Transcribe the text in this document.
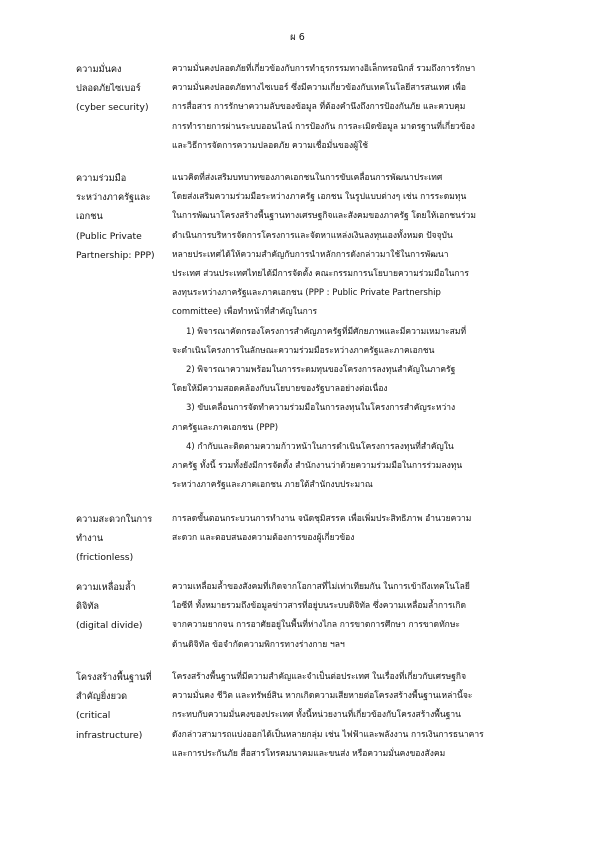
ผ 6
ความมั่นคง
ปลอดภัยไซเบอร์
(cyber security)
ความมั่นคงปลอดภัยที่เกี่ยวข้องกับการทำธุรกรรมทางอิเล็กทรอนิกส์ รวมถึงการรักษา
ความมั่นคงปลอดภัยทางไซเบอร์ ซึ่งมีความเกี่ยวข้องกับเทคโนโลยีสารสนเทศ เพื่อ
การสื่อสาร การรักษาความลับของข้อมูล ที่ต้องคำนึงถึงการป้องกันภัย และควบคุม
การทำรายการผ่านระบบออนไลน์ การป้องกัน การละเมิดข้อมูล มาตรฐานที่เกี่ยวข้อง
และวิธีการจัดการความปลอดภัย ความเชื่อมั่นของผู้ใช้
ความร่วมมือ
ระหว่างภาครัฐและ
เอกชน
(Public Private
Partnership: PPP)
แนวคิดที่ส่งเสริมบทบาทของภาคเอกชนในการขับเคลื่อนการพัฒนาประเทศ
โดยส่งเสริมความร่วมมือระหว่างภาครัฐ เอกชน ในรูปแบบต่างๆ เช่น การระดมทุน
ในการพัฒนาโครงสร้างพื้นฐานทางเศรษฐกิจและสังคมของภาครัฐ โดยให้เอกชนร่วม
ดำเนินการบริหารจัดการโครงการและจัดหาแหล่งเงินลงทุนเองทั้งหมด ปัจจุบัน
หลายประเทศได้ให้ความสำคัญกับการนำหลักการดังกล่าวมาใช้ในการพัฒนา
ประเทศ ส่วนประเทศไทยได้มีการจัดตั้ง คณะกรรมการนโยบายความร่วมมือในการ
ลงทุนระหว่างภาครัฐและภาคเอกชน (PPP : Public Private Partnership
committee) เพื่อทำหน้าที่สำคัญในการ
1) พิจารณาคัดกรองโครงการสำคัญภาครัฐที่มีศักยภาพและมีความเหมาะสมที่
จะดำเนินโครงการในลักษณะความร่วมมือระหว่างภาครัฐและภาคเอกชน
2) พิจารณาความพร้อมในการระดมทุนของโครงการลงทุนสำคัญในภาครัฐ
โดยให้มีความสอดคล้องกับนโยบายของรัฐบาลอย่างต่อเนื่อง
3) ขับเคลื่อนการจัดทำความร่วมมือในการลงทุนในโครงการสำคัญระหว่าง
ภาครัฐและภาคเอกชน (PPP)
4) กำกับและติดตามความก้าวหน้าในการดำเนินโครงการลงทุนที่สำคัญใน
ภาครัฐ ทั้งนี้ รวมทั้งยังมีการจัดตั้ง สำนักงานว่าด้วยความร่วมมือในการร่วมลงทุน
ระหว่างภาครัฐและภาคเอกชน ภายใต้สำนักงบประมาณ
ความสะดวกในการ
ทำงาน
(frictionless)
การลดขั้นตอนกระบวนการทำงาน จนัดชุมิสรรค เพื่อเพิ่มประสิทธิภาพ อำนวยความ
สะดวก และตอบสนองความต้องการของผู้เกี่ยวข้อง
ความเหลื่อมล้ำ
ดิจิทัล
(digital divide)
ความเหลื่อมล้ำของสังคมที่เกิดจากโอกาสที่ไม่เท่าเทียมกัน ในการเข้าถึงเทคโนโลยี
ไอซีที ทั้งหมายรวมถึงข้อมูลข่าวสารที่อยู่บนระบบดิจิทัล ซึ่งความเหลื่อมล้ำการเกิด
จากความยากจน การอาศัยอยู่ในพื้นที่ห่างไกล การขาดการศึกษา การขาดทักษะ
ด้านดิจิทัล ข้อจำกัดความพิการทางร่างกาย ฯลฯ
โครงสร้างพื้นฐานที่
สำคัญยิ่งยวด
(critical
infrastructure)
โครงสร้างพื้นฐานที่มีความสำคัญและจำเป็นต่อประเทศ ในเรื่องที่เกี่ยวกับเศรษฐกิจ
ความมั่นคง ชีวิต และทรัพย์สิน หากเกิดความเสียหายต่อโครงสร้างพื้นฐานเหล่านี้จะ
กระทบกับความมั่นคงของประเทศ ทั้งนี้หน่วยงานที่เกี่ยวข้องกับโครงสร้างพื้นฐาน
ดังกล่าวสามารถแบ่งออกได้เป็นหลายกลุ่ม เช่น ไฟฟ้าและพลังงาน การเงินการธนาคาร
และการประกันภัย สื่อสารโทรคมนาคมและขนส่ง หรือความมั่นคงของสังคม
